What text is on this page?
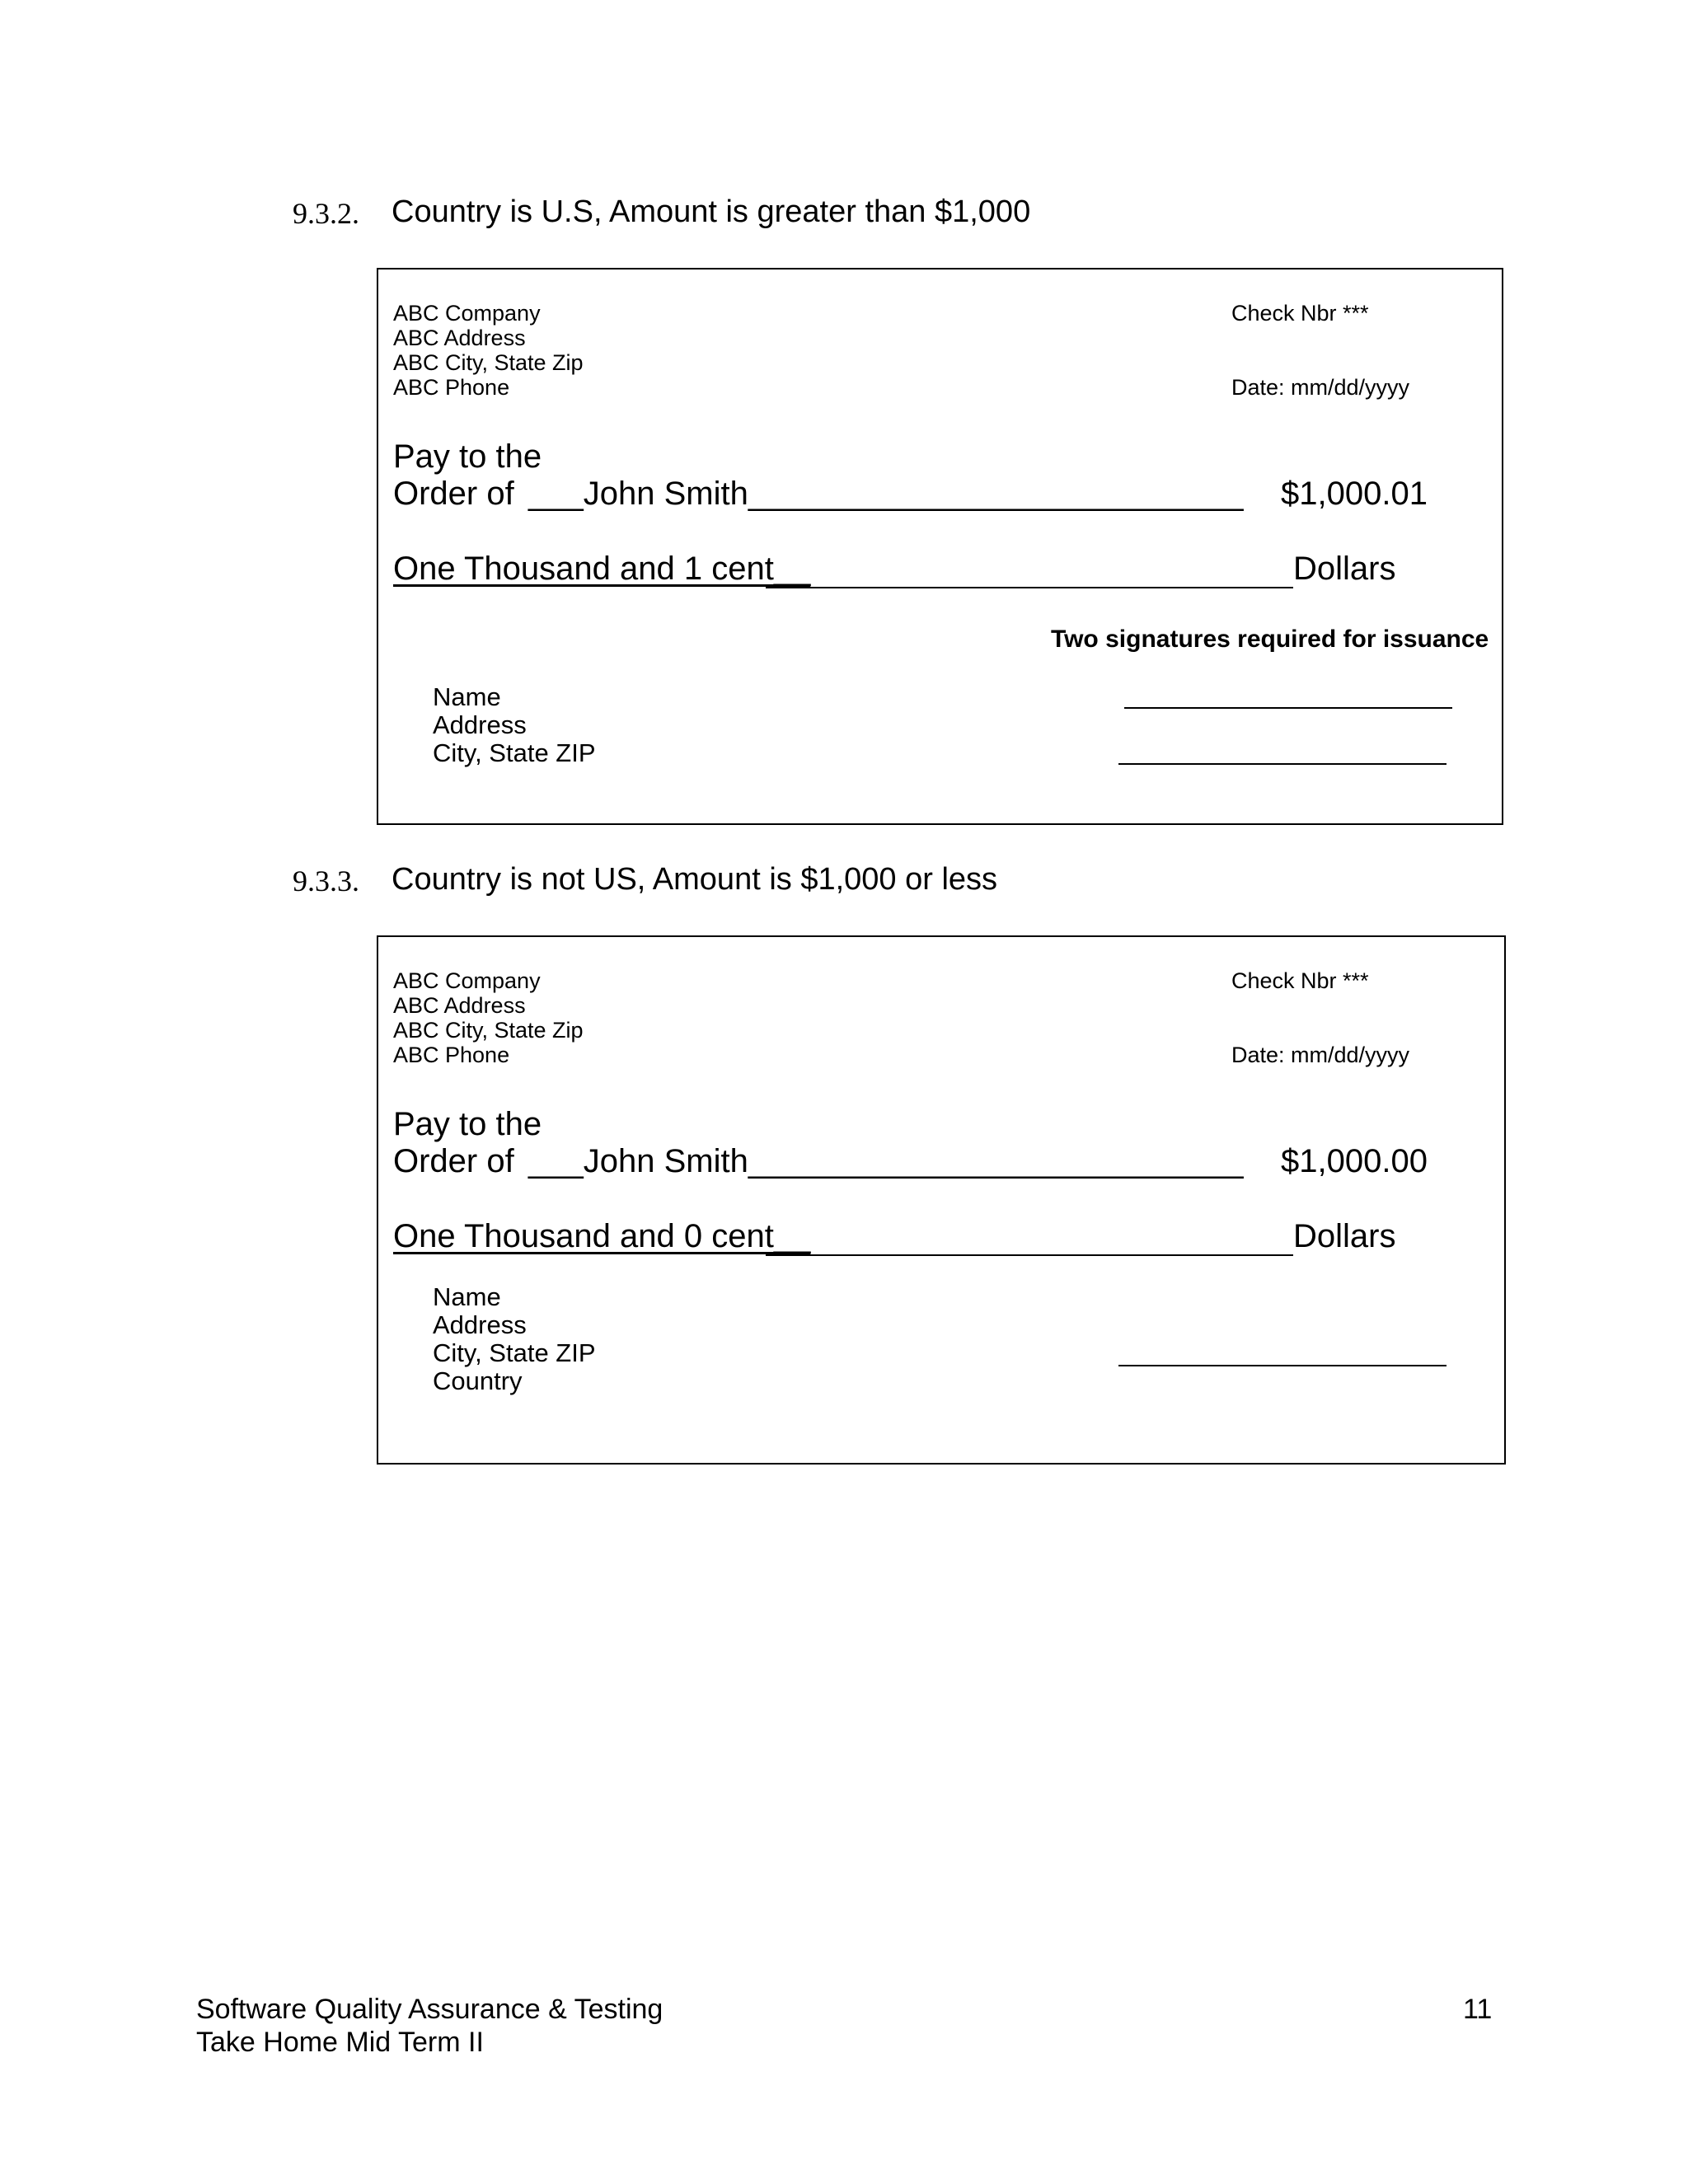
9.3.2. Country is U.S, Amount is greater than $1,000
ABC Company
ABC Address
ABC City, State Zip
ABC Phone
Check Nbr ***
Date: mm/dd/yyyy
Pay to the
Order of ___John Smith___________________________ $1,000.01
One Thousand and 1 cent__	Dollars
Two signatures required for issuance
Name
Address
City, State ZIP
9.3.3. Country is not US, Amount is $1,000 or less
ABC Company
ABC Address
ABC City, State Zip
ABC Phone
Check Nbr ***
Date: mm/dd/yyyy
Pay to the
Order of ___John Smith___________________________ $1,000.00
One Thousand and 0 cent__	Dollars
Name
Address
City, State ZIP
Country
Software Quality Assurance & Testing
Take Home Mid Term II
11
